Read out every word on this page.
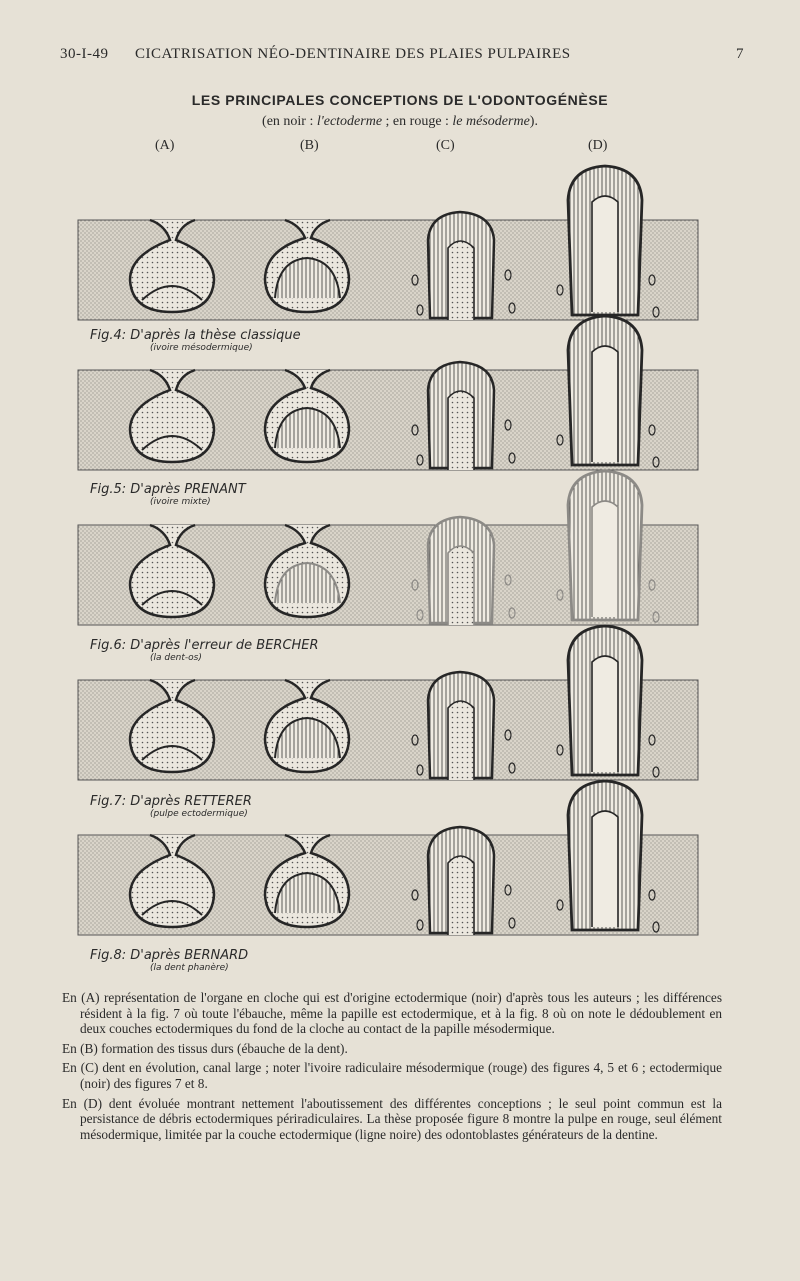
30-I-49 CICATRISATION NÉO-DENTINAIRE DES PLAIES PULPAIRES	7
LES PRINCIPALES CONCEPTIONS DE L'ODONTOGÉNÈSE
(en noir : l'ectoderme ; en rouge : le mésoderme).
(A)	(B)	(C)	(D)
Fig.4: D'après la thèse classique
(ivoire mésodermique)
Fig.5: D'après PRENANT
(ivoire mixte)
Fig.6: D'après l'erreur de BERCHER
(la dent-os)
Fig.7: D'après RETTERER
(pulpe ectodermique)
Fig.8: D'après BERNARD
(la dent phanère)

En (A) représentation de l'organe en cloche qui est d'origine ectodermique (noir) d'après tous les auteurs ; les différences résident à la fig. 7 où toute l'ébauche, même la papille est ectodermique, et à la fig. 8 où on note le dédoublement en deux couches ectodermiques du fond de la cloche au contact de la papille mésodermique.

En (B) formation des tissus durs (ébauche de la dent).

En (C) dent en évolution, canal large ; noter l'ivoire radiculaire mésodermique (rouge) des figures 4, 5 et 6 ; ectodermique (noir) des figures 7 et 8.

En (D) dent évoluée montrant nettement l'aboutissement des différentes conceptions ; le seul point commun est la persistance de débris ectodermiques périradiculaires. La thèse proposée figure 8 montre la pulpe en rouge, seul élément mésodermique, limitée par la couche ectodermique (ligne noire) des odontoblastes générateurs de la dentine.
